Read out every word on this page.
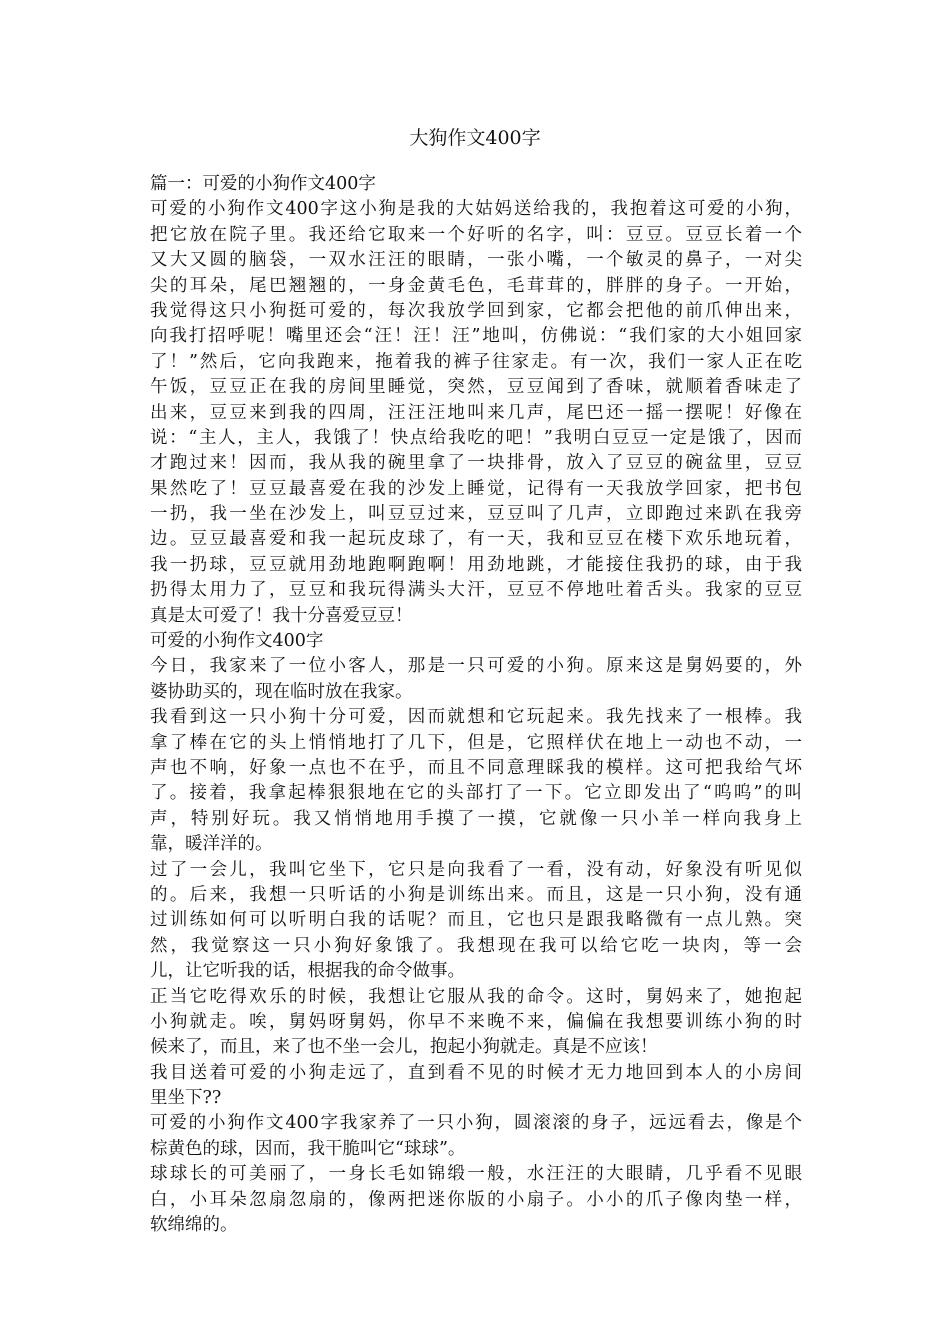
大狗作文400字
篇一：可爱的小狗作文400字
可爱的小狗作文400字这小狗是我的大姑妈送给我的，我抱着这可爱的小狗，
把它放在院子里。我还给它取来一个好听的名字，叫：豆豆。豆豆长着一个
又大又圆的脑袋，一双水汪汪的眼睛，一张小嘴，一个敏灵的鼻子，一对尖
尖的耳朵，尾巴翘翘的，一身金黄毛色，毛茸茸的，胖胖的身子。一开始，
我觉得这只小狗挺可爱的，每次我放学回到家，它都会把他的前爪伸出来，
向我打招呼呢！嘴里还会“汪！汪！汪”地叫，仿佛说：“我们家的大小姐回家
了！”然后，它向我跑来，拖着我的裤子往家走。有一次，我们一家人正在吃
午饭，豆豆正在我的房间里睡觉，突然，豆豆闻到了香味，就顺着香味走了
出来，豆豆来到我的四周，汪汪汪地叫来几声，尾巴还一摇一摆呢！好像在
说：“主人，主人，我饿了！快点给我吃的吧！”我明白豆豆一定是饿了，因而
才跑过来！因而，我从我的碗里拿了一块排骨，放入了豆豆的碗盆里，豆豆
果然吃了！豆豆最喜爱在我的沙发上睡觉，记得有一天我放学回家，把书包
一扔，我一坐在沙发上，叫豆豆过来，豆豆叫了几声，立即跑过来趴在我旁
边。豆豆最喜爱和我一起玩皮球了，有一天，我和豆豆在楼下欢乐地玩着，
我一扔球，豆豆就用劲地跑啊跑啊！用劲地跳，才能接住我扔的球，由于我
扔得太用力了，豆豆和我玩得满头大汗，豆豆不停地吐着舌头。我家的豆豆
真是太可爱了！我十分喜爱豆豆！
可爱的小狗作文400字
今日，我家来了一位小客人，那是一只可爱的小狗。原来这是舅妈要的，外
婆协助买的，现在临时放在我家。
我看到这一只小狗十分可爱，因而就想和它玩起来。我先找来了一根棒。我
拿了棒在它的头上悄悄地打了几下，但是，它照样伏在地上一动也不动，一
声也不响，好象一点也不在乎，而且不同意理睬我的模样。这可把我给气坏
了。接着，我拿起棒狠狠地在它的头部打了一下。它立即发出了“呜呜”的叫
声，特别好玩。我又悄悄地用手摸了一摸，它就像一只小羊一样向我身上
靠，暖洋洋的。
过了一会儿，我叫它坐下，它只是向我看了一看，没有动，好象没有听见似
的。后来，我想一只听话的小狗是训练出来。而且，这是一只小狗，没有通
过训练如何可以听明白我的话呢？而且，它也只是跟我略微有一点儿熟。突
然，我觉察这一只小狗好象饿了。我想现在我可以给它吃一块肉，等一会
儿，让它听我的话，根据我的命令做事。
正当它吃得欢乐的时候，我想让它服从我的命令。这时，舅妈来了，她抱起
小狗就走。唉，舅妈呀舅妈，你早不来晚不来，偏偏在我想要训练小狗的时
候来了，而且，来了也不坐一会儿，抱起小狗就走。真是不应该！
我目送着可爱的小狗走远了，直到看不见的时候才无力地回到本人的小房间
里坐下??
可爱的小狗作文400字我家养了一只小狗，圆滚滚的身子，远远看去，像是个
棕黄色的球，因而，我干脆叫它“球球”。
球球长的可美丽了，一身长毛如锦缎一般，水汪汪的大眼睛，几乎看不见眼
白，小耳朵忽扇忽扇的，像两把迷你版的小扇子。小小的爪子像肉垫一样，
软绵绵的。
